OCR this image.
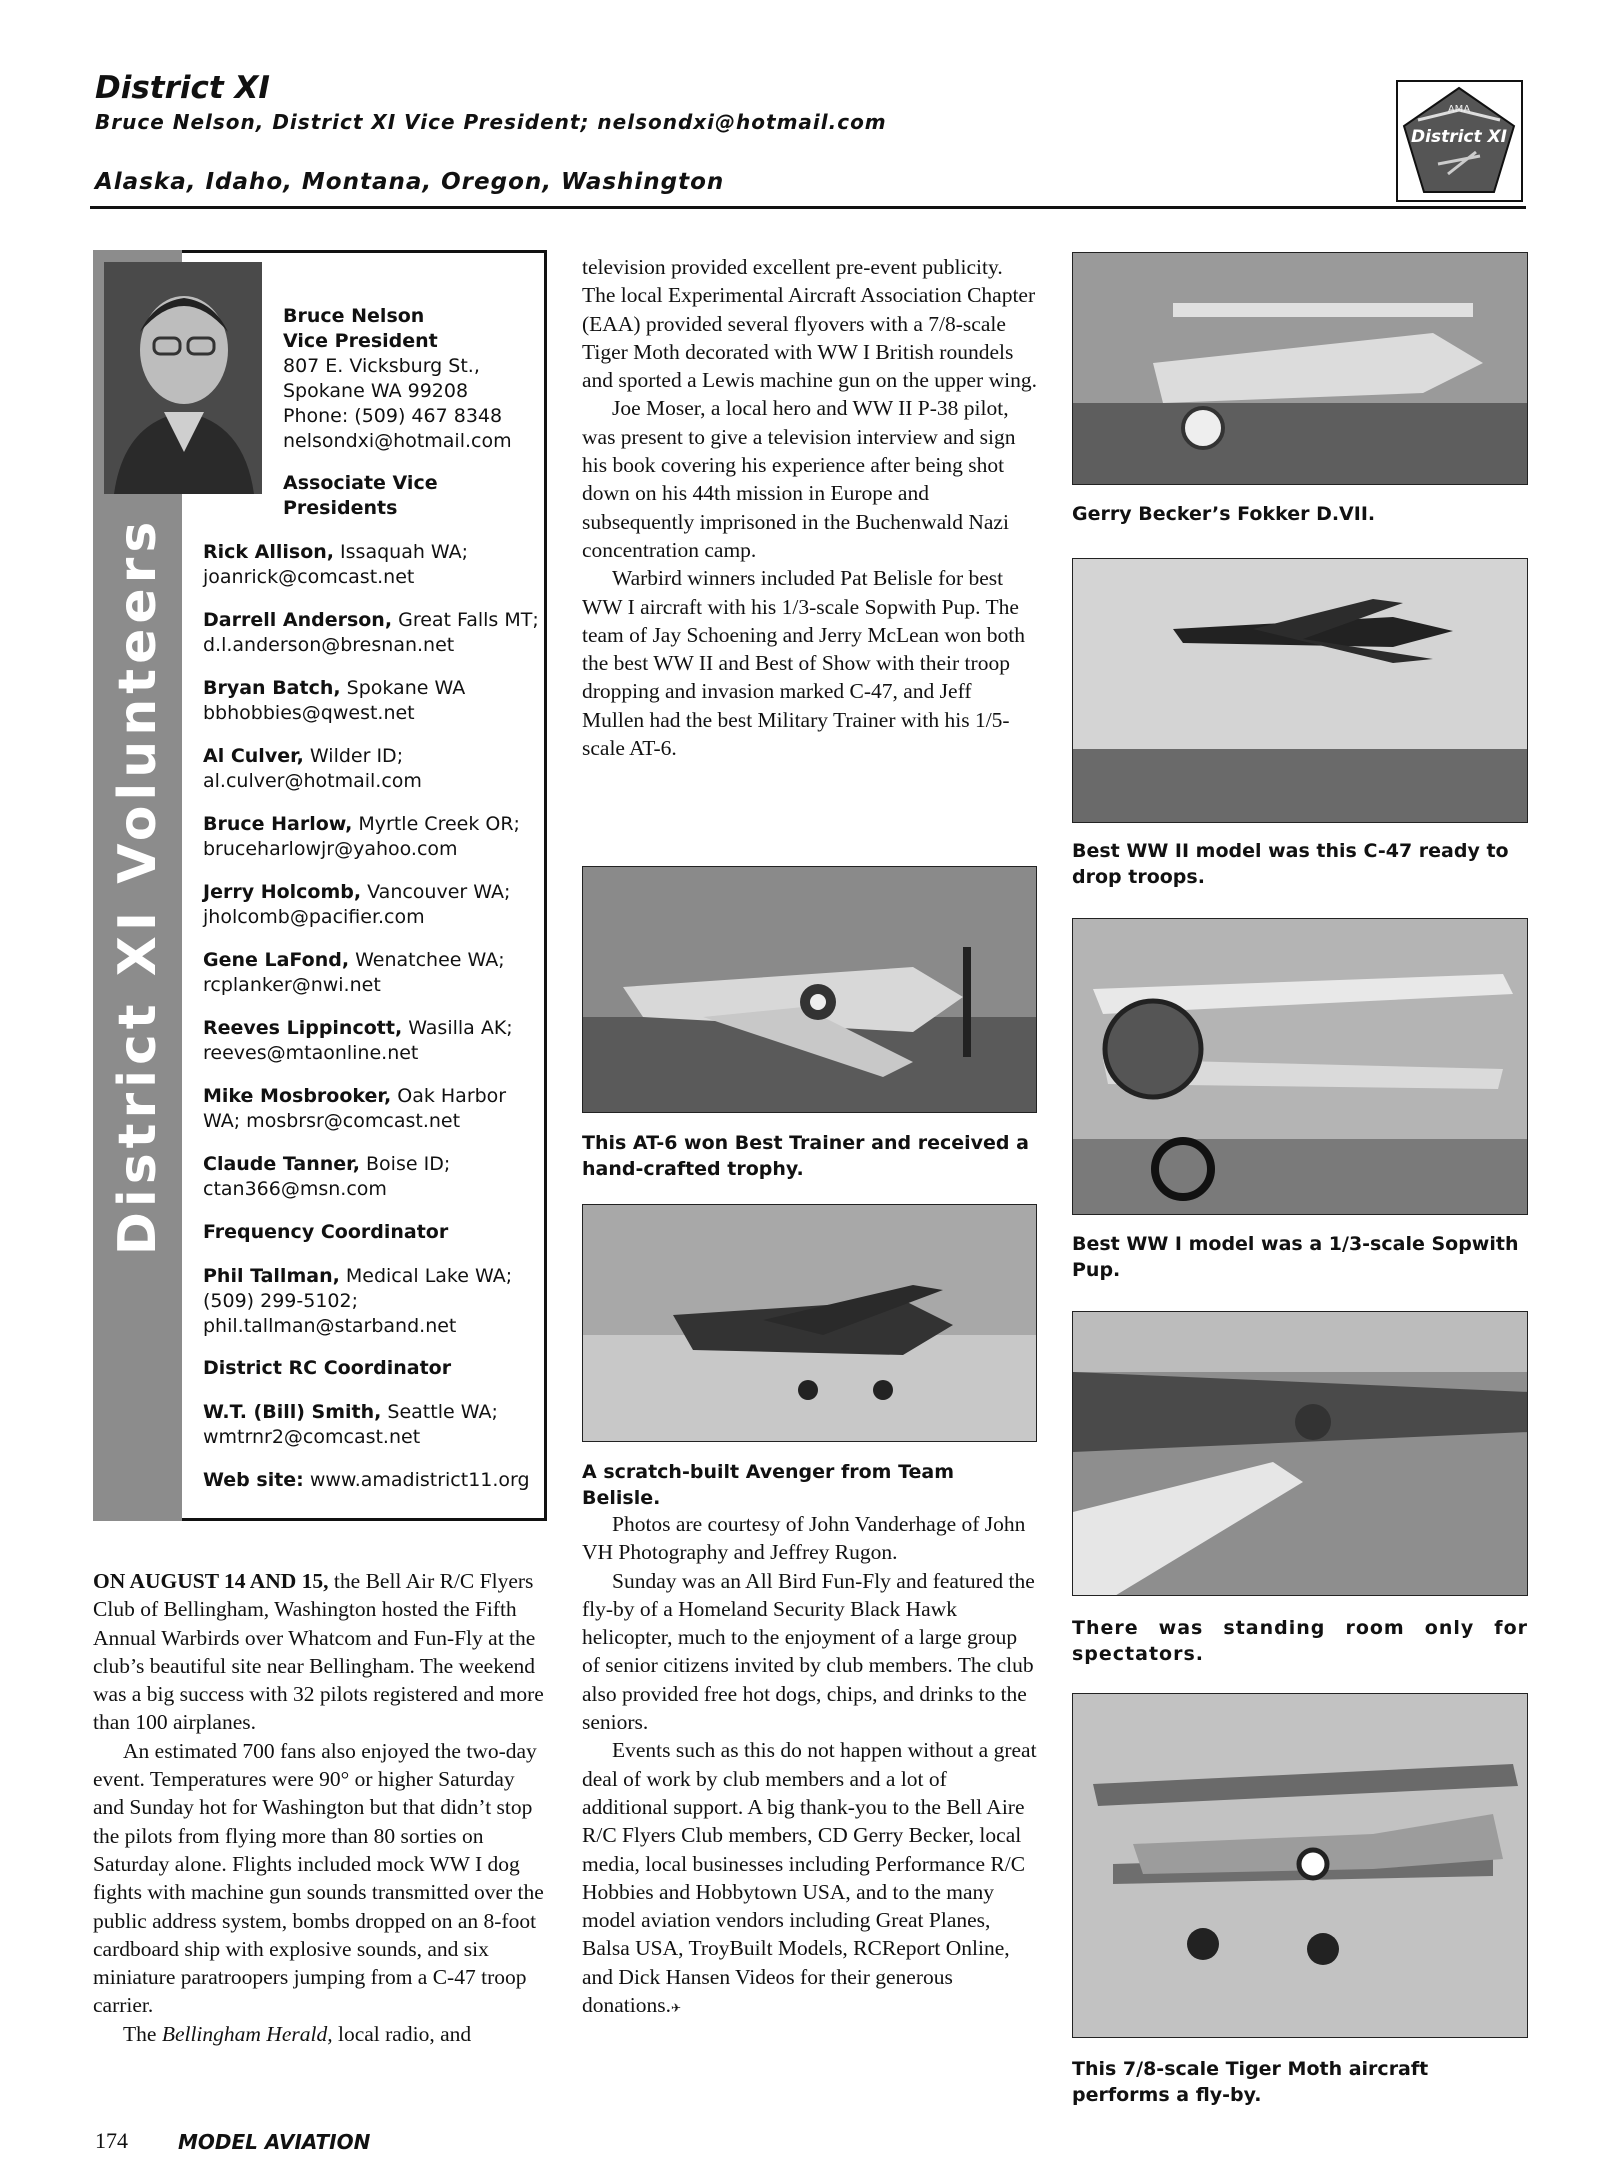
District XI
Bruce Nelson, District XI Vice President; nelsondxi@hotmail.com
Alaska, Idaho, Montana, Oregon, Washington
AMA
District XI
District XI Volunteers
Bruce Nelson
Vice President
807 E. Vicksburg St.,
Spokane WA 99208
Phone: (509) 467 8348
nelsondxi@hotmail.com
Associate Vice
Presidents
Rick Allison, Issaquah WA;
joanrick@comcast.net
Darrell Anderson, Great Falls MT;
d.l.anderson@bresnan.net
Bryan Batch, Spokane WA
bbhobbies@qwest.net
Al Culver, Wilder ID;
al.culver@hotmail.com
Bruce Harlow, Myrtle Creek OR;
bruceharlowjr@yahoo.com
Jerry Holcomb, Vancouver WA;
jholcomb@pacifier.com
Gene LaFond, Wenatchee WA;
rcplanker@nwi.net
Reeves Lippincott, Wasilla AK;
reeves@mtaonline.net
Mike Mosbrooker, Oak Harbor
WA; mosbrsr@comcast.net
Claude Tanner, Boise ID;
ctan366@msn.com
Frequency Coordinator
Phil Tallman, Medical Lake WA;
(509) 299-5102;
phil.tallman@starband.net
District RC Coordinator
W.T. (Bill) Smith, Seattle WA;
wmtrnr2@comcast.net
Web site: www.amadistrict11.org

ON AUGUST 14 AND 15, the Bell Air R/C Flyers Club of Bellingham, Washington hosted the Fifth Annual Warbirds over Whatcom and Fun-Fly at the club’s beautiful site near Bellingham. The weekend was a big success with 32 pilots registered and more than 100 airplanes.

An estimated 700 fans also enjoyed the two-day event. Temperatures were 90° or higher Saturday and Sunday hot for Washington but that didn’t stop the pilots from flying more than 80 sorties on Saturday alone. Flights included mock WW I dog fights with machine gun sounds transmitted over the public address system, bombs dropped on an 8-foot cardboard ship with explosive sounds, and six miniature paratroopers jumping from a C-47 troop carrier.

The Bellingham Herald, local radio, and

television provided excellent pre-event publicity. The local Experimental Aircraft Association Chapter (EAA) provided several flyovers with a 7/8-scale Tiger Moth decorated with WW I British roundels and sported a Lewis machine gun on the upper wing.

Joe Moser, a local hero and WW II P-38 pilot, was present to give a television interview and sign his book covering his experience after being shot down on his 44th mission in Europe and subsequently imprisoned in the Buchenwald Nazi concentration camp.

Warbird winners included Pat Belisle for best WW I aircraft with his 1/3-scale Sopwith Pup. The team of Jay Schoening and Jerry McLean won both the best WW II and Best of Show with their troop dropping and invasion marked C-47, and Jeff Mullen had the best Military Trainer with his 1/5-scale AT-6.

This AT-6 won Best Trainer and received a hand-crafted trophy.
A scratch-built Avenger from Team Belisle.

Photos are courtesy of John Vanderhage of John VH Photography and Jeffrey Rugon.

Sunday was an All Bird Fun-Fly and featured the fly-by of a Homeland Security Black Hawk helicopter, much to the enjoyment of a large group of senior citizens invited by club members. The club also provided free hot dogs, chips, and drinks to the seniors.

Events such as this do not happen without a great deal of work by club members and a lot of additional support. A big thank-you to the Bell Aire R/C Flyers Club members, CD Gerry Becker, local media, local businesses including Performance R/C Hobbies and Hobbytown USA, and to the many model aviation vendors including Great Planes, Balsa USA, TroyBuilt Models, RCReport Online, and Dick Hansen Videos for their generous donations.✈

Gerry Becker’s Fokker D.VII.
Best WW II model was this C-47 ready to drop troops.
Best WW I model was a 1/3-scale Sopwith Pup.
There was standing room only for spectators.
This 7/8-scale Tiger Moth aircraft performs a fly-by.
174	MODEL AVIATION
